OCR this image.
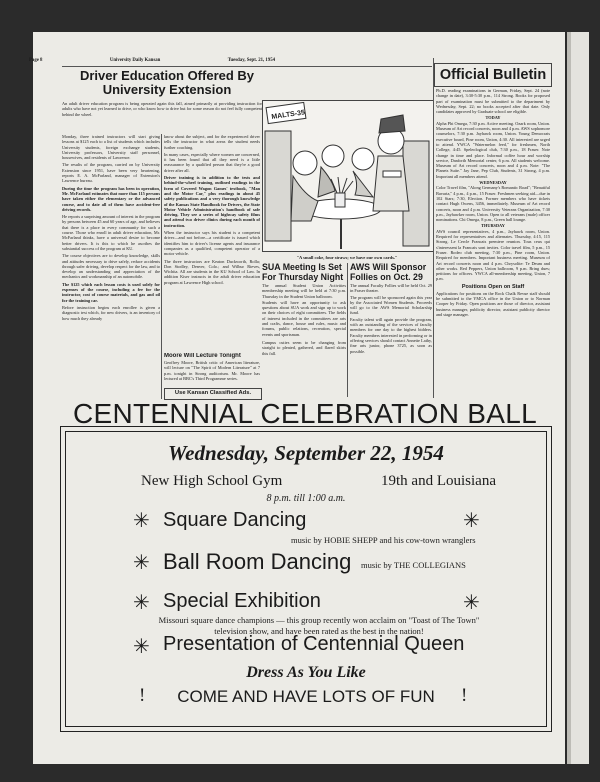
Page 8	University Daily Kansan	Tuesday, Sept. 21, 1954
Driver Education Offered By University Extension
An adult driver education program is being operated again this fall, aimed primarily at providing instruction for adults who have not yet learned to drive, or who know how to drive but for some reason do not feel fully competent behind the wheel.

Monday, three trained instructors will start giving lessons at $125 each to a list of students which includes University students, foreign exchange students, University professors, University staff personnel, housewives, and residents of Lawrence.

The results of the program, carried on by University Extension since 1951, have been very heartening, reports E. A. McFarland, manager of Extension's Lawrence bureau.

During the time the program has been in operation, Mr. McFarland estimates that more than 115 persons have taken either the elementary or the advanced course, and to date all of them have accident-free driving records.

He reports a surprising amount of interest in the program by persons between 45 and 60 years of age, and believes that there is a place in every community for such a course. Those who enroll in adult driver education, Mr. McFarland thinks, have a universal desire to become better drivers. It is this to which he ascribes the substantial success of the program at KU.

The course objectives are to develop knowledge, skills and attitudes necessary to drive safely, reduce accidents through safer driving, develop respect for the law, and to develop an understanding and appreciation of the mechanics and workmanship of an automobile.

The $125 which each lesson costs is used solely for expenses of the course, including a fee for the instructor, cost of course materials, and gas and oil for the training car.

Before instruction begins each enrollee is given a diagnostic test which, for new drivers, is an inventory of how much they already

know about the subject, and for the experienced driver tells the instructor in what areas the student needs further coaching.

In many cases, especially where women are concerned, it has been found that all they need is a little reassurance by a qualified person that they're a good driver after all.

Driver training is in addition to the tests and behind-the-wheel training, outlined readings in the form of Covered Wagon Games' textbook, "Man and the Motor Car," plus readings in about 45 safety publications and a very thorough knowledge of the Kansas State Handbook for Drivers, the State Motor Vehicle Administration's handbook of safe driving. They see a series of highway safety films and attend two driver clinics during each month of instruction.

When the instructor says his student is a competent driver—and not before—a certificate is issued which identifies him to driver's license agents and insurance companies as a qualified, competent operator of a motor vehicle.

The three instructors are Keaton Duckworth, Rolla; Don Stodley, Denver, Colo.; and Wilbur Rieves, Wichita. All are students in the KU School of Law. In addition Kiser instructs in the adult driver education program at Lawrence High school.

Moore Will Lecture Tonight
Geoffrey Moore, British critic of American literature, will lecture on "The Spirit of Modern Literature" at 7 p.m. tonight in Strong auditorium. Mr. Moore has lectured at BBC's Third Programme series.
Use Kansan Classified Ads.
MALTS-35
"A small coke, four straws; we have our own cards."
SUA Meeting Is Set For Thursday Night

The annual Student Union Activities membership meeting will be held at 7:30 p.m. Thursday in the Student Union ballroom.

Students will have an opportunity to ask questions about SUA work and sign up to work on their choices of eight committees. The fields of interest included in the committees are arts and crafts, dance, house and rules, music and forums, public relations, recreation, special events and sportsman.

Campus cuties seem to be changing from straight to pleated, gathered, and flared skirts this fall.

AWS Will Sponsor Follies on Oct. 29

The annual Faculty Follies will be held Oct. 29 in Fraser theater.

The program will be sponsored again this year by the Associated Women Students. Proceeds will go to the AWS Memorial Scholarship fund.

Faculty talent will again provide the program, with an outstanding of the services of faculty members for one day to the highest bidders. Faculty members interested in performing or in offering services should contact Annette Lathy, fine arts junior, phone 3725, as soon as possible.

Official Bulletin

Ph.D. reading examinations in German, Friday, Sept. 24 (note change in date), 3:30-5:30 p.m., 114 Strong. Books for proposed part of examination must be submitted to the department by Wednesday, Sept. 22; no books accepted after that date. Only candidates approved by Graduate school are eligible.

TODAY

Alpha Phi Omega, 7:30 p.m. Active meeting. Ozark room, Union. Museum of Art record concerts, noon and 4 p.m. AWS sophomore counselors, 7:30 p.m. Jayhawk room, Union. Young Democrats executive board, Pine room, Union, 4:30. All interested are urged to attend. YWCA "Watermelon feed," for freshmen, North College, 4:45. Speleological club, 7:30 p.m., 18 Fraser. Note change in time and place. Informal coffee hour and worship service, Danforth Memorial center, 6 p.m. All students welcome. Museum of Art record concerts, noon and 4 p.m. Note: "The Planets Suite." Jay Jane, Pep Club, Students, 31 Strong, 4 p.m. Important all members attend.

WEDNESDAY

Color Travel film, "Along Germany's Romantic Road"; "Beautiful Bavaria," 4 p.m., 4 p.m., 15 Fraser. Freshmen seeking aid—due in 102 Stars; 7:30, Election. Former members who have tickets contact Hugh Owens, 3456, immediately. Museum of Art record concerts, noon and 4 p.m. University Veterans Organization, 7:30 p.m., Jayhawker room, Union. Open to all veterans (male) officer nominations. Chi Omega, 8 p.m., Green hall lounge.

THURSDAY

AWS council representatives, 4 p.m., Jayhawk room, Union. Required for representatives and alternates. Thursday, 4:15, 115 Strong. Le Cercle Francais premiere reunion. Tous ceux qui s'interessent la Francais sont invites. Color travel film, 5 p.m., 15 Fraser. Rodeo club meeting, 7:30 p.m., Pine room, Union. Required for members. Important business meeting. Museum of Art record concerts noon and 4 p.m. Chrysolite: Te Deum and other works. Red Peppers, Union ballroom, 9 p.m. Bring dues; petitions for officers. YWCA all-membership meeting, Union, 7 p.m.

Positions Open on Staff

Applications for positions on the Rock Chalk Revue staff should be submitted to the YMCA office in the Union or to Norman Cooper by Friday. Open positions are those of director, assistant business manager, publicity director, assistant publicity director and stage manager.

CENTENNIAL CELEBRATION BALL
Wednesday, September 22, 1954
New High School Gym	19th and Louisiana
8 p.m. till 1:00 a.m.
✳ Square Dancing	✳
music by HOBIE SHEPP and his cow-town wranglers
✳ Ball Room Dancing music by THE COLLEGIANS
✳ Special Exhibition	✳
Missouri square dance champions — this group recently won acclaim on "Toast of The Town" television show, and have been rated as the best in the nation!
✳ Presentation of Centennial Queen
Dress As You Like
!	COME AND HAVE LOTS OF FUN	!
